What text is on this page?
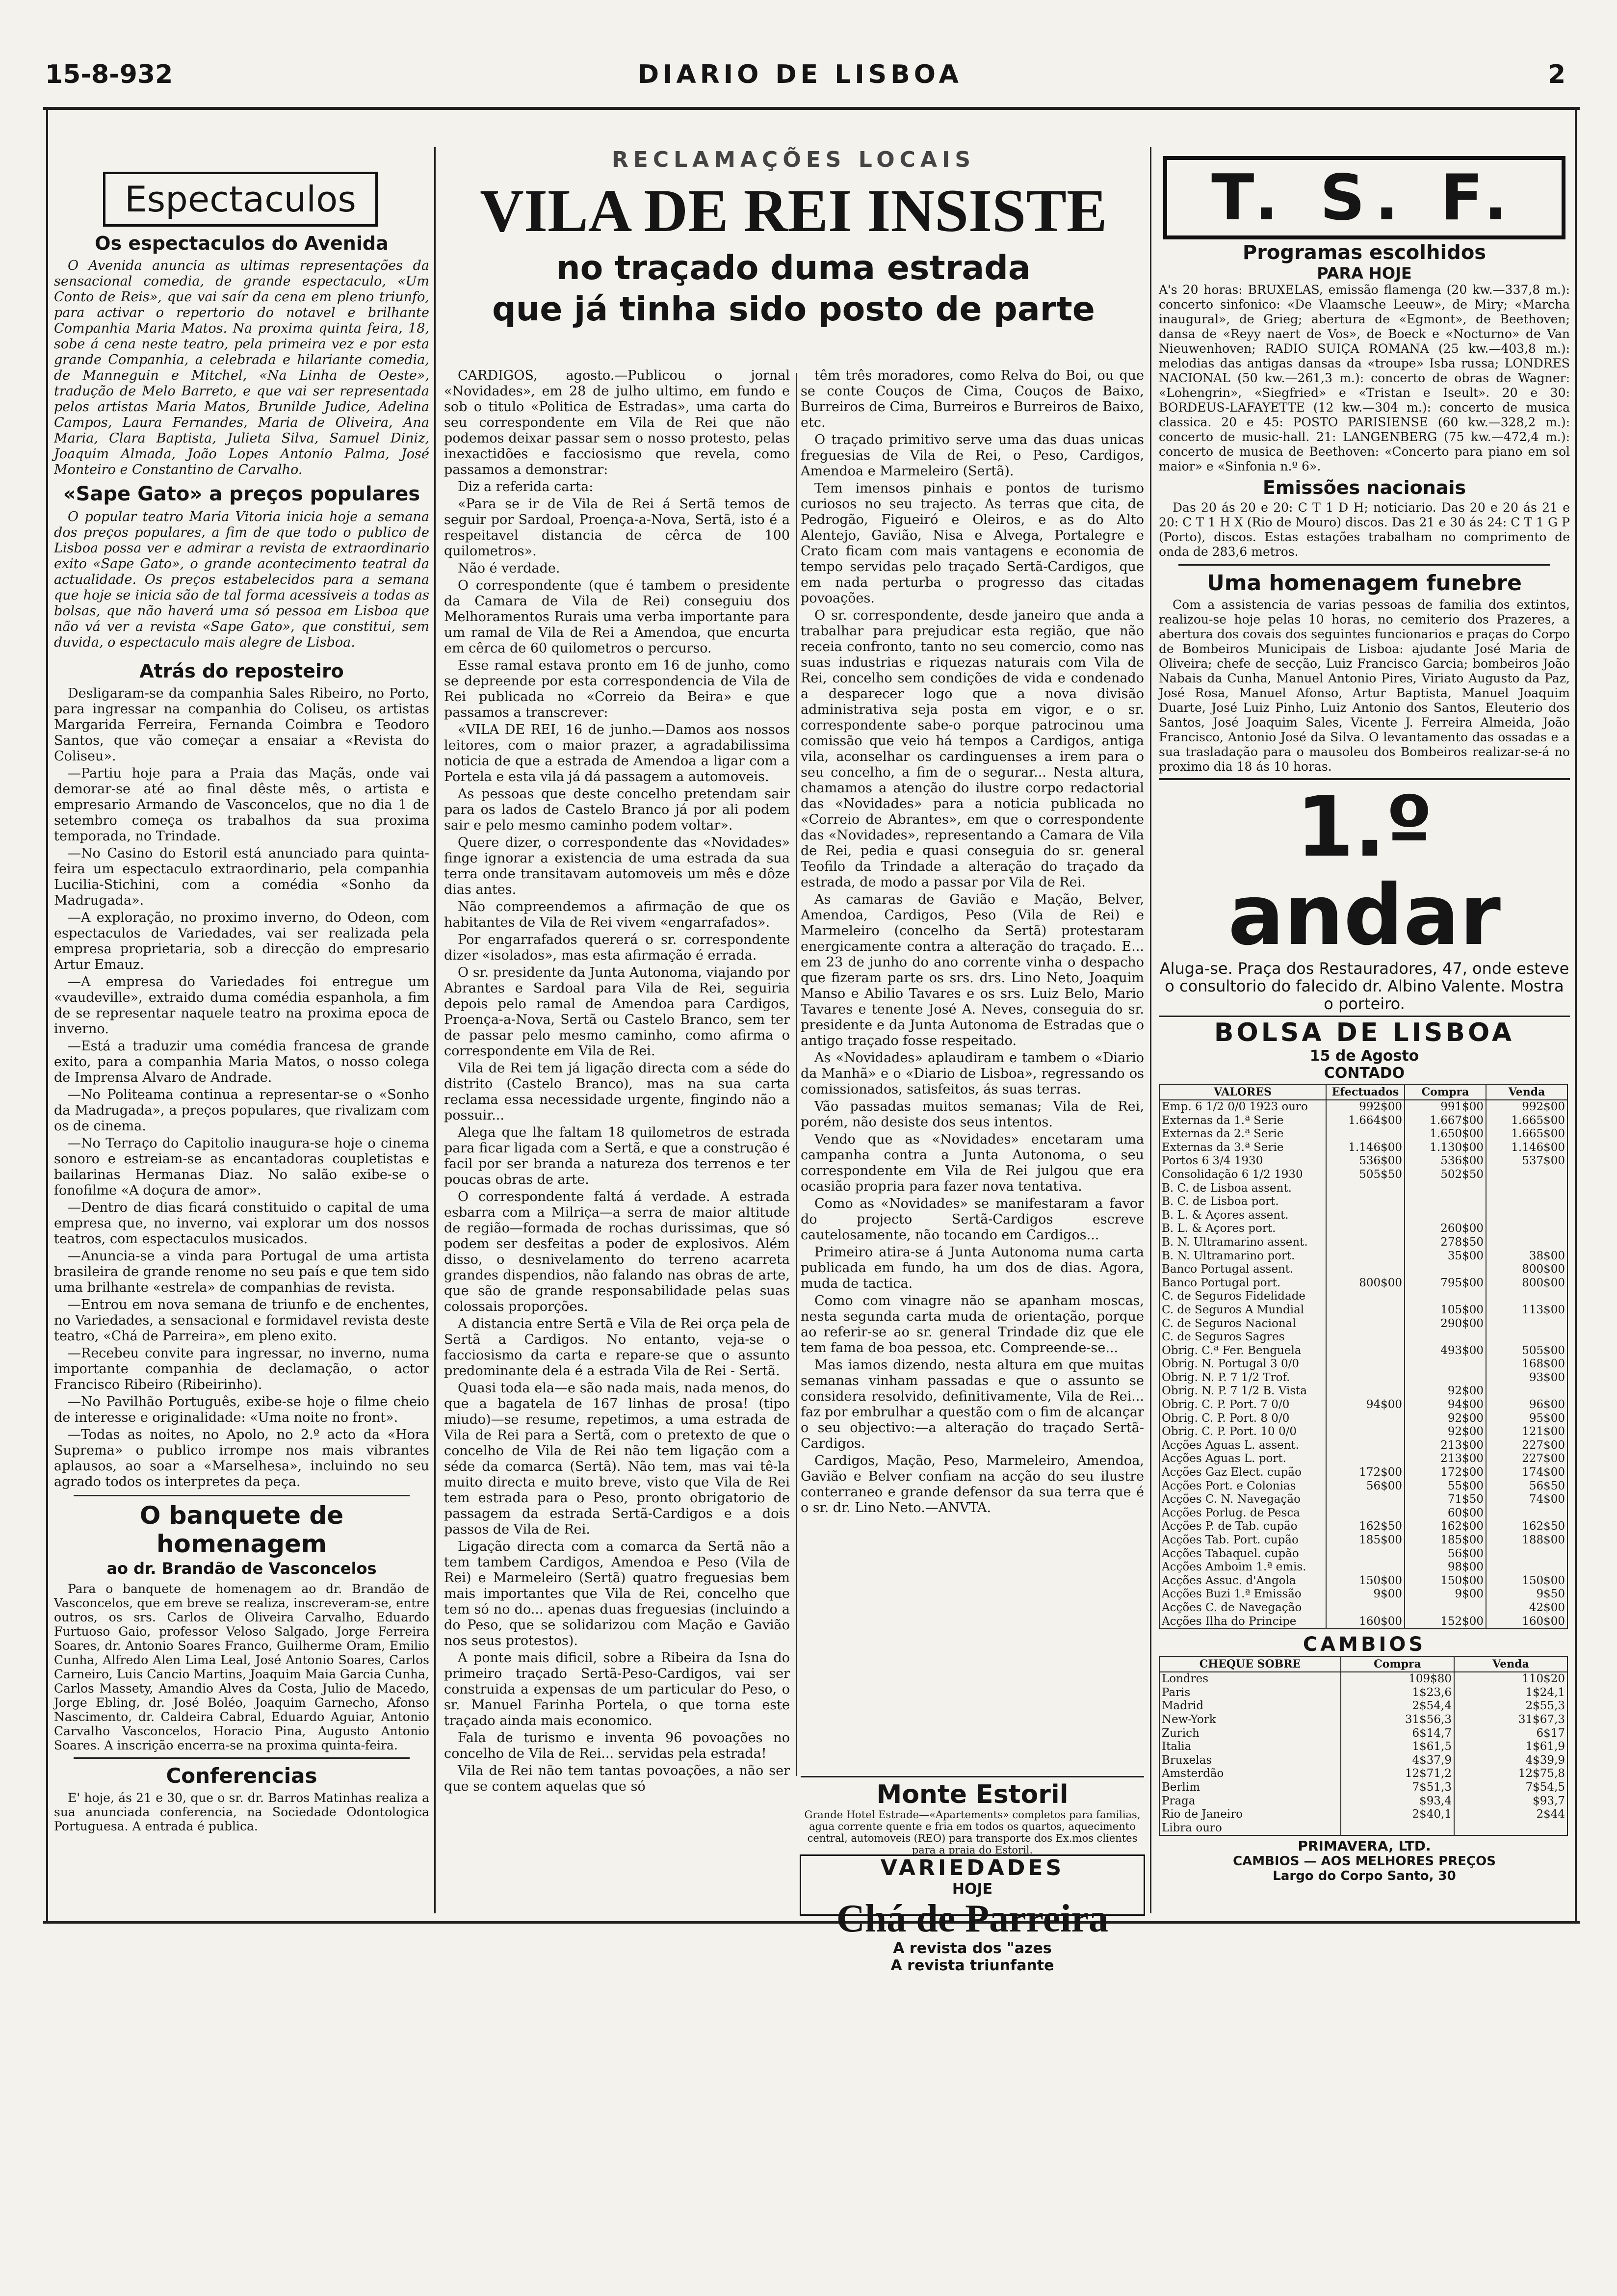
15-8-932	DIARIO DE LISBOA	2
Espectaculos
Os espectaculos do Avenida

O Avenida anuncia as ultimas representações da sensacional comedia, de grande espectaculo, «Um Conto de Reis», que vai saír da cena em pleno triunfo, para activar o repertorio do notavel e brilhante Companhia Maria Matos. Na proxima quinta feira, 18, sobe á cena neste teatro, pela primeira vez e por esta grande Companhia, a celebrada e hilariante comedia, de Manneguin e Mitchel, «Na Linha de Oeste», tradução de Melo Barreto, e que vai ser representada pelos artistas Maria Matos, Brunilde Judice, Adelina Campos, Laura Fernandes, Maria de Oliveira, Ana Maria, Clara Baptista, Julieta Silva, Samuel Diniz, Joaquim Almada, João Lopes Antonio Palma, José Monteiro e Constantino de Carvalho.

«Sape Gato» a preços populares

O popular teatro Maria Vitoria inicia hoje a semana dos preços populares, a fim de que todo o publico de Lisboa possa ver e admirar a revista de extraordinario exito «Sape Gato», o grande acontecimento teatral da actualidade. Os preços estabelecidos para a semana que hoje se inicia são de tal forma acessiveis a todas as bolsas, que não haverá uma só pessoa em Lisboa que não vá ver a revista «Sape Gato», que constitui, sem duvida, o espectaculo mais alegre de Lisboa.

Atrás do reposteiro

Desligaram-se da companhia Sales Ribeiro, no Porto, para ingressar na companhia do Coliseu, os artistas Margarida Ferreira, Fernanda Coimbra e Teodoro Santos, que vão começar a ensaiar a «Revista do Coliseu».

—Partiu hoje para a Praia das Maçãs, onde vai demorar-se até ao final dêste mês, o artista e empresario Armando de Vasconcelos, que no dia 1 de setembro começa os trabalhos da sua proxima temporada, no Trindade.

—No Casino do Estoril está anunciado para quinta-feira um espectaculo extraordinario, pela companhia Lucilia-Stichini, com a comédia «Sonho da Madrugada».

—A exploração, no proximo inverno, do Odeon, com espectaculos de Variedades, vai ser realizada pela empresa proprietaria, sob a direcção do empresario Artur Emauz.

—A empresa do Variedades foi entregue um «vaudeville», extraido duma comédia espanhola, a fim de se representar naquele teatro na proxima epoca de inverno.

—Está a traduzir uma comédia francesa de grande exito, para a companhia Maria Matos, o nosso colega de Imprensa Alvaro de Andrade.

—No Politeama continua a representar-se o «Sonho da Madrugada», a preços populares, que rivalizam com os de cinema.

—No Terraço do Capitolio inaugura-se hoje o cinema sonoro e estreiam-se as encantadoras coupletistas e bailarinas Hermanas Diaz. No salão exibe-se o fonofilme «A doçura de amor».

—Dentro de dias ficará constituido o capital de uma empresa que, no inverno, vai explorar um dos nossos teatros, com espectaculos musicados.

—Anuncia-se a vinda para Portugal de uma artista brasileira de grande renome no seu país e que tem sido uma brilhante «estrela» de companhias de revista.

—Entrou em nova semana de triunfo e de enchentes, no Variedades, a sensacional e formidavel revista deste teatro, «Chá de Parreira», em pleno exito.

—Recebeu convite para ingressar, no inverno, numa importante companhia de declamação, o actor Francisco Ribeiro (Ribeirinho).

—No Pavilhão Português, exibe-se hoje o filme cheio de interesse e originalidade: «Uma noite no front».

—Todas as noites, no Apolo, no 2.º acto da «Hora Suprema» o publico irrompe nos mais vibrantes aplausos, ao soar a «Marselhesa», incluindo no seu agrado todos os interpretes da peça.

O banquete de homenagem
ao dr. Brandão de Vasconcelos

Para o banquete de homenagem ao dr. Brandão de Vasconcelos, que em breve se realiza, inscreveram-se, entre outros, os srs. Carlos de Oliveira Carvalho, Eduardo Furtuoso Gaio, professor Veloso Salgado, Jorge Ferreira Soares, dr. Antonio Soares Franco, Guilherme Oram, Emilio Cunha, Alfredo Alen Lima Leal, José Antonio Soares, Carlos Carneiro, Luis Cancio Martins, Joaquim Maia Garcia Cunha, Carlos Massety, Amandio Alves da Costa, Julio de Macedo, Jorge Ebling, dr. José Boléo, Joaquim Garnecho, Afonso Nascimento, dr. Caldeira Cabral, Eduardo Aguiar, Antonio Carvalho Vasconcelos, Horacio Pina, Augusto Antonio Soares. A inscrição encerra-se na proxima quinta-feira.

Conferencias

E' hoje, ás 21 e 30, que o sr. dr. Barros Matinhas realiza a sua anunciada conferencia, na Sociedade Odontologica Portuguesa. A entrada é publica.

RECLAMAÇÕES LOCAIS
VILA DE REI INSISTE
no traçado duma estrada
que já tinha sido posto de parte

CARDIGOS, agosto.—Publicou o jornal «Novidades», em 28 de julho ultimo, em fundo e sob o titulo «Politica de Estradas», uma carta do seu correspondente em Vila de Rei que não podemos deixar passar sem o nosso protesto, pelas inexactidões e facciosismo que revela, como passamos a demonstrar:

Diz a referida carta:

«Para se ir de Vila de Rei á Sertã temos de seguir por Sardoal, Proença-a-Nova, Sertã, isto é a respeitavel distancia de cêrca de 100 quilometros».

Não é verdade.

O correspondente (que é tambem o presidente da Camara de Vila de Rei) conseguiu dos Melhoramentos Rurais uma verba importante para um ramal de Vila de Rei a Amendoa, que encurta em cêrca de 60 quilometros o percurso.

Esse ramal estava pronto em 16 de junho, como se depreende por esta correspondencia de Vila de Rei publicada no «Correio da Beira» e que passamos a transcrever:

«VILA DE REI, 16 de junho.—Damos aos nossos leitores, com o maior prazer, a agradabilissima noticia de que a estrada de Amendoa a ligar com a Portela e esta vila já dá passagem a automoveis.

As pessoas que deste concelho pretendam sair para os lados de Castelo Branco já por ali podem sair e pelo mesmo caminho podem voltar».

Quere dizer, o correspondente das «Novidades» finge ignorar a existencia de uma estrada da sua terra onde transitavam automoveis um mês e dôze dias antes.

Não compreendemos a afirmação de que os habitantes de Vila de Rei vivem «engarrafados».

Por engarrafados quererá o sr. correspondente dizer «isolados», mas esta afirmação é errada.

O sr. presidente da Junta Autonoma, viajando por Abrantes e Sardoal para Vila de Rei, seguiria depois pelo ramal de Amendoa para Cardigos, Proença-a-Nova, Sertã ou Castelo Branco, sem ter de passar pelo mesmo caminho, como afirma o correspondente em Vila de Rei.

Vila de Rei tem já ligação directa com a séde do distrito (Castelo Branco), mas na sua carta reclama essa necessidade urgente, fingindo não a possuir...

Alega que lhe faltam 18 quilometros de estrada para ficar ligada com a Sertã, e que a construção é facil por ser branda a natureza dos terrenos e ter poucas obras de arte.

O correspondente faltá á verdade. A estrada esbarra com a Milriça—a serra de maior altitude de região—formada de rochas durissimas, que só podem ser desfeitas a poder de explosivos. Além disso, o desnivelamento do terreno acarreta grandes dispendios, não falando nas obras de arte, que são de grande responsabilidade pelas suas colossais proporções.

A distancia entre Sertã e Vila de Rei orça pela de Sertã a Cardigos. No entanto, veja-se o facciosismo da carta e repare-se que o assunto predominante dela é a estrada Vila de Rei - Sertã.

Quasi toda ela—e são nada mais, nada menos, do que a bagatela de 167 linhas de prosa! (tipo miudo)—se resume, repetimos, a uma estrada de Vila de Rei para a Sertã, com o pretexto de que o concelho de Vila de Rei não tem ligação com a séde da comarca (Sertã). Não tem, mas vai tê-la muito directa e muito breve, visto que Vila de Rei tem estrada para o Peso, pronto obrigatorio de passagem da estrada Sertã-Cardigos e a dois passos de Vila de Rei.

Ligação directa com a comarca da Sertã não a tem tambem Cardigos, Amendoa e Peso (Vila de Rei) e Marmeleiro (Sertã) quatro freguesias bem mais importantes que Vila de Rei, concelho que tem só no do... apenas duas freguesias (incluindo a do Peso, que se solidarizou com Mação e Gavião nos seus protestos).

A ponte mais dificil, sobre a Ribeira da Isna do primeiro traçado Sertã-Peso-Cardigos, vai ser construida a expensas de um particular do Peso, o sr. Manuel Farinha Portela, o que torna este traçado ainda mais economico.

Fala de turismo e inventa 96 povoações no concelho de Vila de Rei... servidas pela estrada!

Vila de Rei não tem tantas povoações, a não ser que se contem aquelas que só

têm três moradores, como Relva do Boi, ou que se conte Couços de Cima, Couços de Baixo, Burreiros de Cima, Burreiros e Burreiros de Baixo, etc.

O traçado primitivo serve uma das duas unicas freguesias de Vila de Rei, o Peso, Cardigos, Amendoa e Marmeleiro (Sertã).

Tem imensos pinhais e pontos de turismo curiosos no seu trajecto. As terras que cita, de Pedrogão, Figueiró e Oleiros, e as do Alto Alentejo, Gavião, Nisa e Alvega, Portalegre e Crato ficam com mais vantagens e economia de tempo servidas pelo traçado Sertã-Cardigos, que em nada perturba o progresso das citadas povoações.

O sr. correspondente, desde janeiro que anda a trabalhar para prejudicar esta região, que não receia confronto, tanto no seu comercio, como nas suas industrias e riquezas naturais com Vila de Rei, concelho sem condições de vida e condenado a desparecer logo que a nova divisão administrativa seja posta em vigor, e o sr. correspondente sabe-o porque patrocinou uma comissão que veio há tempos a Cardigos, antiga vila, aconselhar os cardinguenses a irem para o seu concelho, a fim de o segurar... Nesta altura, chamamos a atenção do ilustre corpo redactorial das «Novidades» para a noticia publicada no «Correio de Abrantes», em que o correspondente das «Novidades», representando a Camara de Vila de Rei, pedia e quasi conseguia do sr. general Teofilo da Trindade a alteração do traçado da estrada, de modo a passar por Vila de Rei.

As camaras de Gavião e Mação, Belver, Amendoa, Cardigos, Peso (Vila de Rei) e Marmeleiro (concelho da Sertã) protestaram energicamente contra a alteração do traçado. E... em 23 de junho do ano corrente vinha o despacho que fizeram parte os srs. drs. Lino Neto, Joaquim Manso e Abilio Tavares e os srs. Luiz Belo, Mario Tavares e tenente José A. Neves, conseguia do sr. presidente e da Junta Autonoma de Estradas que o antigo traçado fosse respeitado.

As «Novidades» aplaudiram e tambem o «Diario da Manhã» e o «Diario de Lisboa», regressando os comissionados, satisfeitos, ás suas terras.

Vão passadas muitos semanas; Vila de Rei, porém, não desiste dos seus intentos.

Vendo que as «Novidades» encetaram uma campanha contra a Junta Autonoma, o seu correspondente em Vila de Rei julgou que era ocasião propria para fazer nova tentativa.

Como as «Novidades» se manifestaram a favor do projecto Sertã-Cardigos escreve cautelosamente, não tocando em Cardigos...

Primeiro atira-se á Junta Autonoma numa carta publicada em fundo, ha um dos de dias. Agora, muda de tactica.

Como com vinagre não se apanham moscas, nesta segunda carta muda de orientação, porque ao referir-se ao sr. general Trindade diz que ele tem fama de boa pessoa, etc. Compreende-se...

Mas iamos dizendo, nesta altura em que muitas semanas vinham passadas e que o assunto se considera resolvido, definitivamente, Vila de Rei... faz por embrulhar a questão com o fim de alcançar o seu objectivo:—a alteração do traçado Sertã-Cardigos.

Cardigos, Mação, Peso, Marmeleiro, Amendoa, Gavião e Belver confiam na acção do seu ilustre conterraneo e grande defensor da sua terra que é o sr. dr. Lino Neto.—ANVTA.

Monte Estoril
Grande Hotel Estrade—«Apartements» completos para familias, agua corrente quente e fria em todos os quartos, aquecimento central, automoveis (REO) para transporte dos Ex.mos clientes para a praia do Estoril.
VARIEDADES
HOJE
Chá de Parreira
A revista dos "azes
A revista triunfante
T. S. F.
Programas escolhidos
PARA HOJE

A's 20 horas: BRUXELAS, emissão flamenga (20 kw.—337,8 m.): concerto sinfonico: «De Vlaamsche Leeuw», de Miry; «Marcha inaugural», de Grieg; abertura de «Egmont», de Beethoven; dansa de «Reyy naert de Vos», de Boeck e «Nocturno» de Van Nieuwenhoven; RADIO SUIÇA ROMANA (25 kw.—403,8 m.): melodias das antigas dansas da «troupe» Isba russa; LONDRES NACIONAL (50 kw.—261,3 m.): concerto de obras de Wagner: «Lohengrin», «Siegfried» e «Tristan e Iseult». 20 e 30: BORDEUS-LAFAYETTE (12 kw.—304 m.): concerto de musica classica. 20 e 45: POSTO PARISIENSE (60 kw.—328,2 m.): concerto de music-hall. 21: LANGENBERG (75 kw.—472,4 m.): concerto de musica de Beethoven: «Concerto para piano em sol maior» e «Sinfonia n.º 6».

Emissões nacionais

Das 20 ás 20 e 20: C T 1 D H; noticiario. Das 20 e 20 ás 21 e 20: C T 1 H X (Rio de Mouro) discos. Das 21 e 30 ás 24: C T 1 G P (Porto), discos. Estas estações trabalham no comprimento de onda de 283,6 metros.

Uma homenagem funebre

Com a assistencia de varias pessoas de familia dos extintos, realizou-se hoje pelas 10 horas, no cemiterio dos Prazeres, a abertura dos covais dos seguintes funcionarios e praças do Corpo de Bombeiros Municipais de Lisboa: ajudante José Maria de Oliveira; chefe de secção, Luiz Francisco Garcia; bombeiros João Nabais da Cunha, Manuel Antonio Pires, Viriato Augusto da Paz, José Rosa, Manuel Afonso, Artur Baptista, Manuel Joaquim Duarte, José Luiz Pinho, Luiz Antonio dos Santos, Eleuterio dos Santos, José Joaquim Sales, Vicente J. Ferreira Almeida, João Francisco, Antonio José da Silva. O levantamento das ossadas e a sua trasladação para o mausoleu dos Bombeiros realizar-se-á no proximo dia 18 ás 10 horas.

1.º andar
Aluga-se. Praça dos Restauradores, 47, onde esteve o consultorio do falecido dr. Albino Valente. Mostra o porteiro.
BOLSA DE LISBOA
15 de Agosto
CONTADO
VALORES	Efectuados	Compra	Venda
Emp. 6 1/2 0/0 1923 ouro	992$00	991$00	992$00
Externas da 1.ª Serie	1.664$00	1.667$00	1.665$00
Externas da 2.ª Serie		1.650$00	1.665$00
Externas da 3.ª Serie	1.146$00	1.130$00	1.146$00
Portos 6 3/4 1930	536$00	536$00	537$00
Consolidação 6 1/2 1930	505$50	502$50	
B. C. de Lisboa assent.			
B. C. de Lisboa port.			
B. L. & Açores assent.			
B. L. & Açores port.		260$00	
B. N. Ultramarino assent.		278$50	
B. N. Ultramarino port.		35$00	38$00
Banco Portugal assent.			800$00
Banco Portugal port.	800$00	795$00	800$00
C. de Seguros Fidelidade			
C. de Seguros A Mundial		105$00	113$00
C. de Seguros Nacional		290$00	
C. de Seguros Sagres			
Obrig. C.ª Fer. Benguela		493$00	505$00
Obrig. N. Portugal 3 0/0			168$00
Obrig. N. P. 7 1/2 Trof.			93$00
Obrig. N. P. 7 1/2 B. Vista		92$00	
Obrig. C. P. Port. 7 0/0	94$00	94$00	96$00
Obrig. C. P. Port. 8 0/0		92$00	95$00
Obrig. C. P. Port. 10 0/0		92$00	121$00
Acções Aguas L. assent.		213$00	227$00
Acções Aguas L. port.		213$00	227$00
Acções Gaz Elect. cupão	172$00	172$00	174$00
Acções Port. e Colonias	56$00	55$00	56$50
Acções C. N. Navegação		71$50	74$00
Acções Porlug. de Pesca		60$00	
Acções P. de Tab. cupão	162$50	162$00	162$50
Acções Tab. Port. cupão	185$00	185$00	188$00
Acções Tabaquel. cupão		56$00	
Acções Amboim 1.ª emis.		98$00	
Acções Assuc. d'Angola	150$00	150$00	150$00
Acções Buzi 1.ª Emissão	9$00	9$00	9$50
Acções C. de Navegação			42$00
Acções Ilha do Principe	160$00	152$00	160$00
CAMBIOS
CHEQUE SOBRE	Compra	Venda
Londres	109$80	110$20
Paris	1$23,6	1$24,1
Madrid	2$54,4	2$55,3
New-York	31$56,3	31$67,3
Zurich	6$14,7	6$17
Italia	1$61,5	1$61,9
Bruxelas	4$37,9	4$39,9
Amsterdão	12$71,2	12$75,8
Berlim	7$51,3	7$54,5
Praga	$93,4	$93,7
Rio de Janeiro	2$40,1	2$44
Libra ouro		
PRIMAVERA, LTD.
CAMBIOS — AOS MELHORES PREÇOS
Largo do Corpo Santo, 30
